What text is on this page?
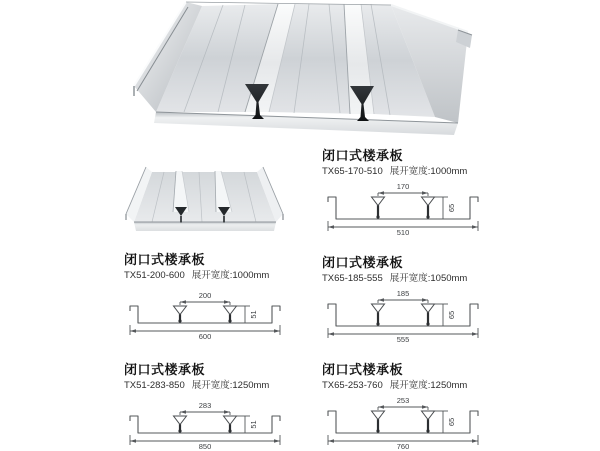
闭口式楼承板

TX65-170-510 展开宽度:1000mm

170
510
65
闭口式楼承板

TX51-200-600 展开宽度:1000mm

200
600
51
闭口式楼承板

TX65-185-555 展开宽度:1050mm

185
555
65
闭口式楼承板

TX51-283-850 展开宽度:1250mm

283
850
51
闭口式楼承板

TX65-253-760 展开宽度:1250mm

253
760
65
